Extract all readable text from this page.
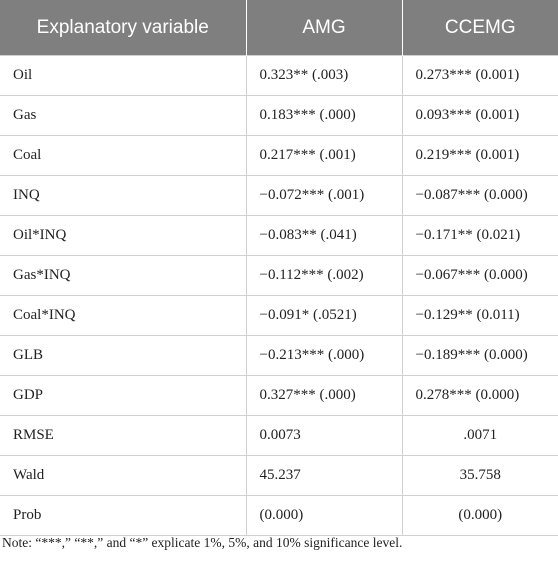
Explanatory variable	AMG	CCEMG
Oil	0.323** (.003)	0.273*** (0.001)
Gas	0.183*** (.000)	0.093*** (0.001)
Coal	0.217*** (.001)	0.219*** (0.001)
INQ	−0.072*** (.001)	−0.087*** (0.000)
Oil*INQ	−0.083** (.041)	−0.171** (0.021)
Gas*INQ	−0.112*** (.002)	−0.067*** (0.000)
Coal*INQ	−0.091* (.0521)	−0.129** (0.011)
GLB	−0.213*** (.000)	−0.189*** (0.000)
GDP	0.327*** (.000)	0.278*** (0.000)
RMSE	0.0073	.0071
Wald	45.237	35.758
Prob	(0.000)	(0.000)
Note: “***,” “**,” and “*” explicate 1%, 5%, and 10% significance level.
